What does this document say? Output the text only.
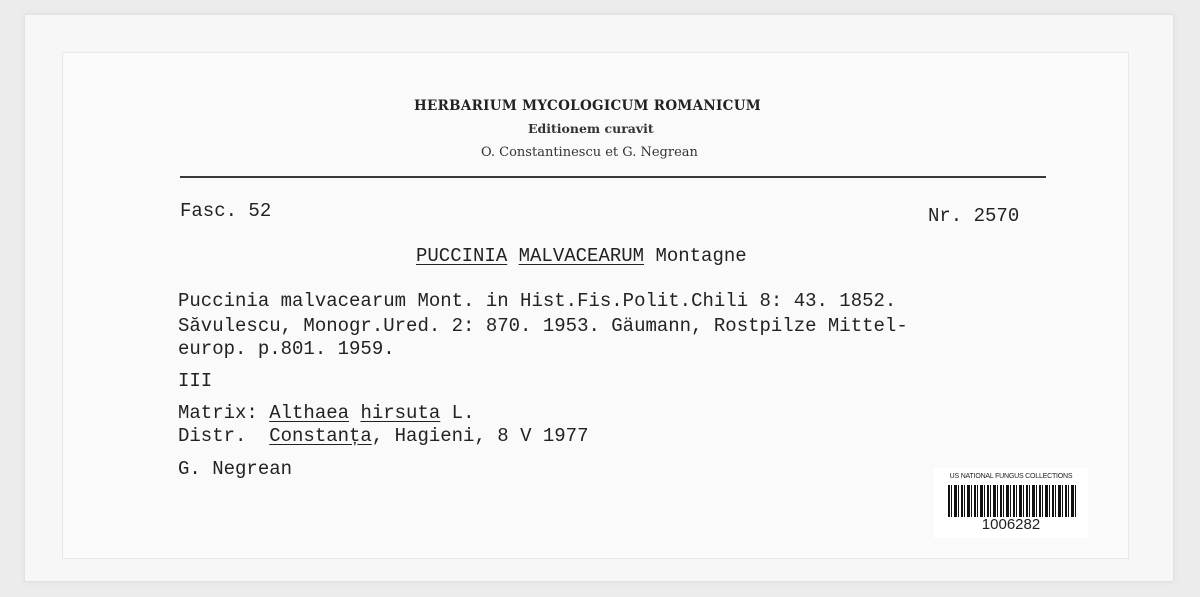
HERBARIUM MYCOLOGICUM ROMANICUM
Editionem curavit
O. Constantinescu et G. Negrean
Fasc. 52	Nr. 2570
PUCCINIA MALVACEARUM Montagne
Puccinia malvacearum Mont. in Hist.Fis.Polit.Chili 8: 43. 1852.
Săvulescu, Monogr.Ured. 2: 870. 1953. Gäumann, Rostpilze Mittel-
europ. p.801. 1959.
III
Matrix: Althaea hirsuta L.
Distr.  Constanța, Hagieni, 8 V 1977
G. Negrean	US NATIONAL FUNGUS COLLECTIONS
1006282
